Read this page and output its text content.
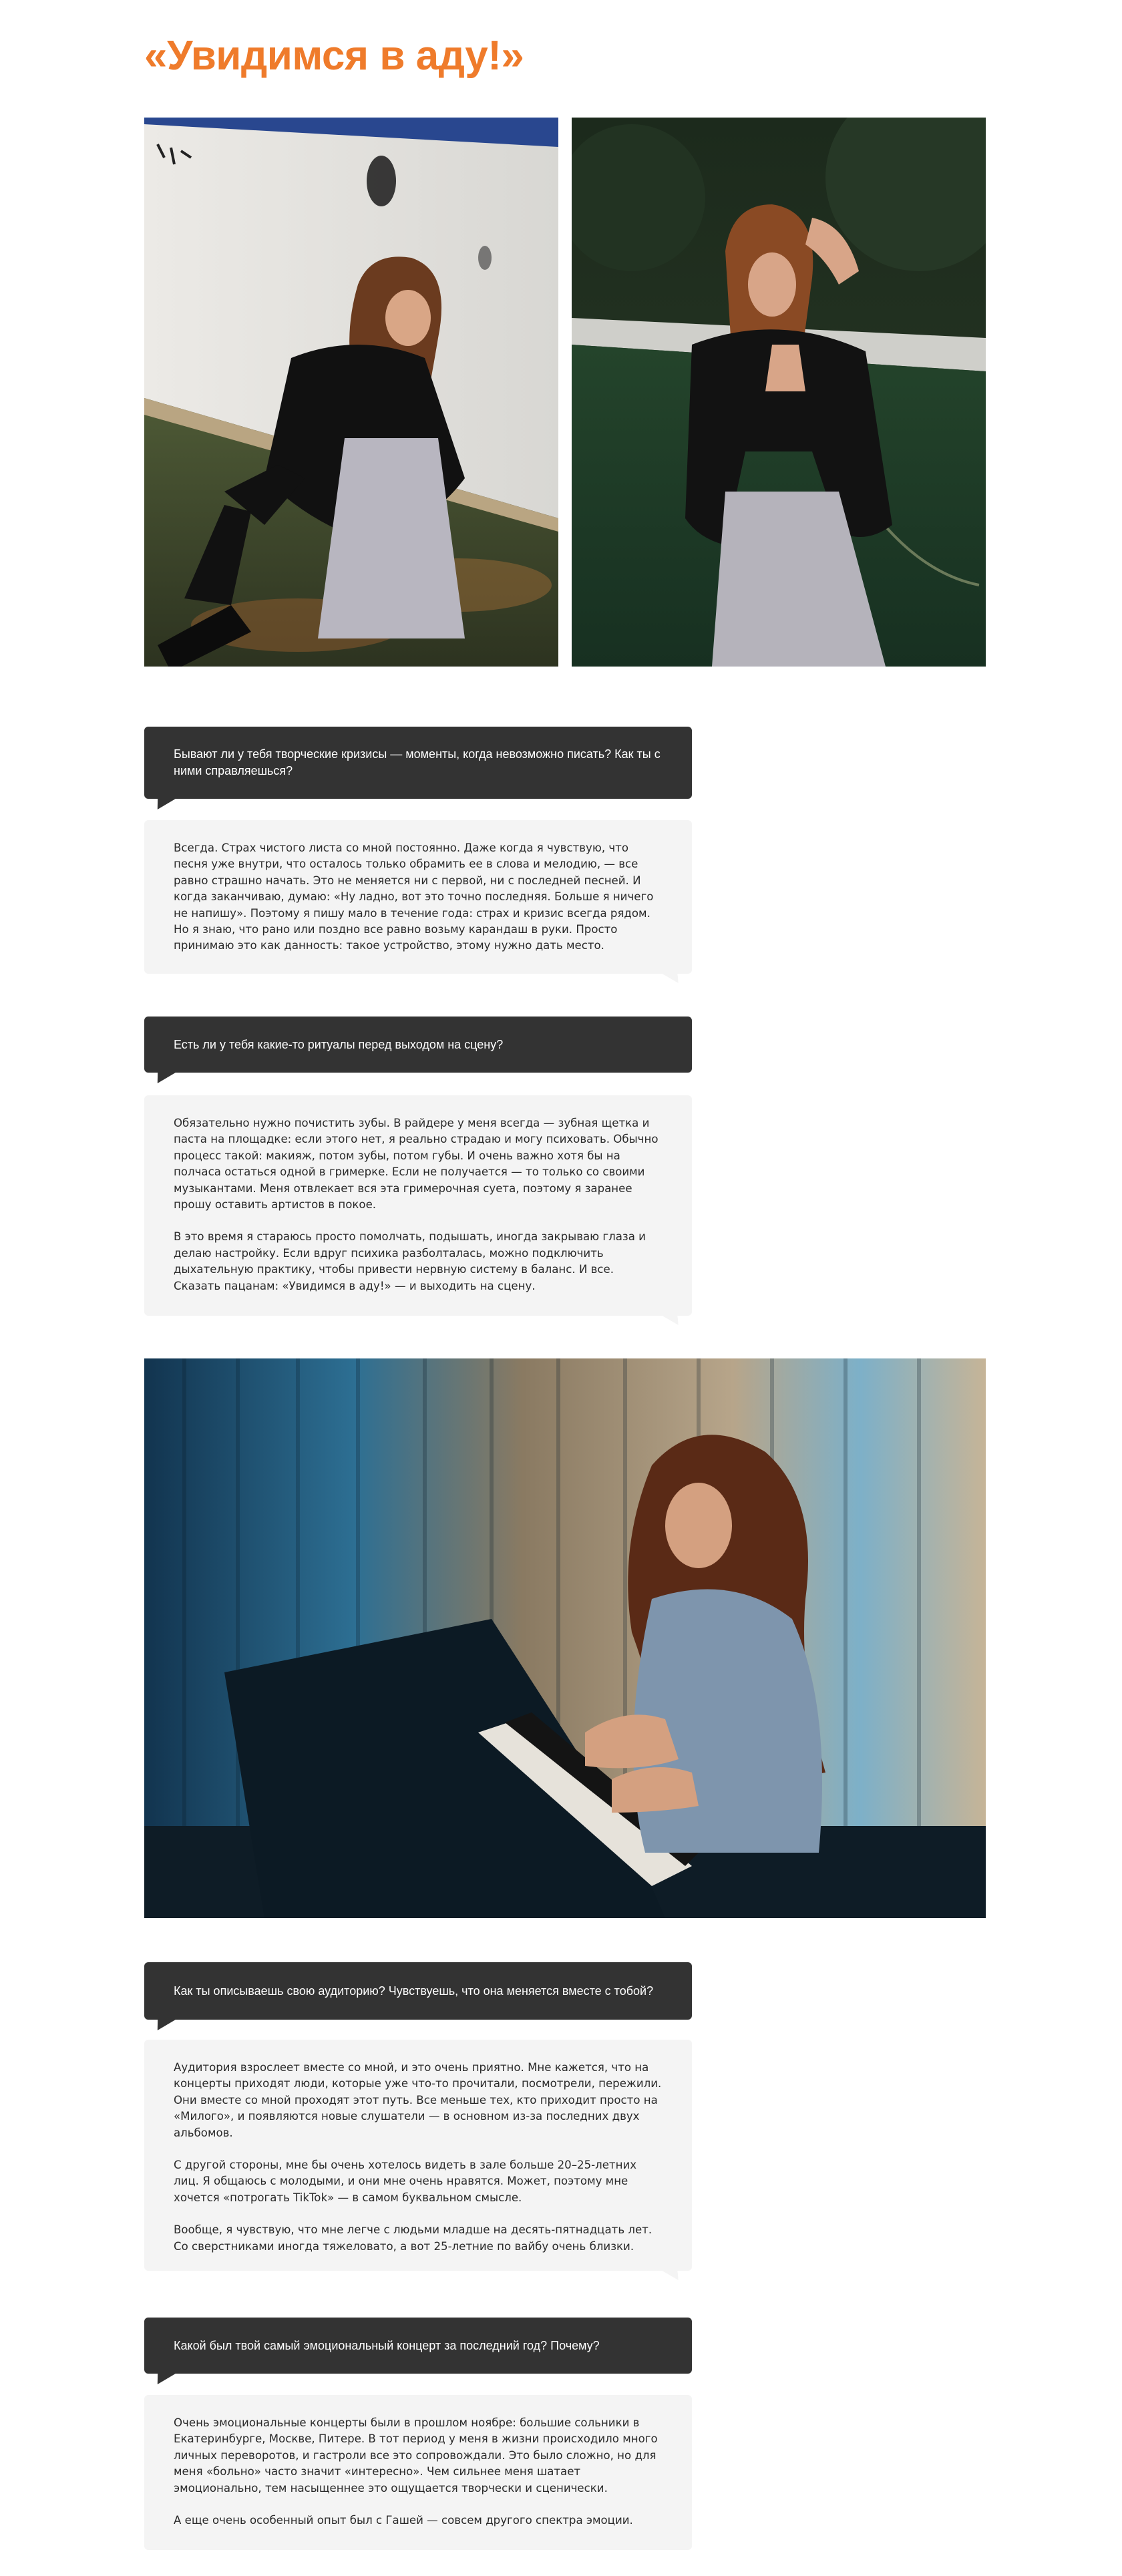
«Увидимся в аду!»

Бывают ли у тебя творческие кризисы — моменты, когда невозможно писать? Как ты с ними справляешься?

Всегда. Страх чистого листа со мной постоянно. Даже когда я чувствую, что песня уже внутри, что осталось только обрамить ее в слова и мелодию, — все равно страшно начать. Это не меняется ни с первой, ни с последней песней. И когда заканчиваю, думаю: «Ну ладно, вот это точно последняя. Больше я ничего не напишу». Поэтому я пишу мало в течение года: страх и кризис всегда рядом. Но я знаю, что рано или поздно все равно возьму карандаш в руки. Просто принимаю это как данность: такое устройство, этому нужно дать место.

Есть ли у тебя какие-то ритуалы перед выходом на сцену?

Обязательно нужно почистить зубы. В райдере у меня всегда — зубная щетка и паста на площадке: если этого нет, я реально страдаю и могу психовать. Обычно процесс такой: макияж, потом зубы, потом губы. И очень важно хотя бы на полчаса остаться одной в гримерке. Если не получается — то только со своими музыкантами. Меня отвлекает вся эта гримерочная суета, поэтому я заранее прошу оставить артистов в покое.

В это время я стараюсь просто помолчать, подышать, иногда закрываю глаза и делаю настройку. Если вдруг психика разболталась, можно подключить дыхательную практику, чтобы привести нервную систему в баланс. И все. Сказать пацанам: «Увидимся в аду!» — и выходить на сцену.

Как ты описываешь свою аудиторию? Чувствуешь, что она меняется вместе с тобой?

Аудитория взрослеет вместе со мной, и это очень приятно. Мне кажется, что на концерты приходят люди, которые уже что-то прочитали, посмотрели, пережили. Они вместе со мной проходят этот путь. Все меньше тех, кто приходит просто на «Милого», и появляются новые слушатели — в основном из-за последних двух альбомов.

С другой стороны, мне бы очень хотелось видеть в зале больше 20–25-летних лиц. Я общаюсь с молодыми, и они мне очень нравятся. Может, поэтому мне хочется «потрогать TikTok» — в самом буквальном смысле.

Вообще, я чувствую, что мне легче с людьми младше на десять-пятнадцать лет. Со сверстниками иногда тяжеловато, а вот 25-летние по вайбу очень близки.

Какой был твой самый эмоциональный концерт за последний год? Почему?

Очень эмоциональные концерты были в прошлом ноябре: большие сольники в Екатеринбурге, Москве, Питере. В тот период у меня в жизни происходило много личных переворотов, и гастроли все это сопровождали. Это было сложно, но для меня «больно» часто значит «интересно». Чем сильнее меня шатает эмоционально, тем насыщеннее это ощущается творчески и сценически.

А еще очень особенный опыт был с Гашей — совсем другого спектра эмоции.
